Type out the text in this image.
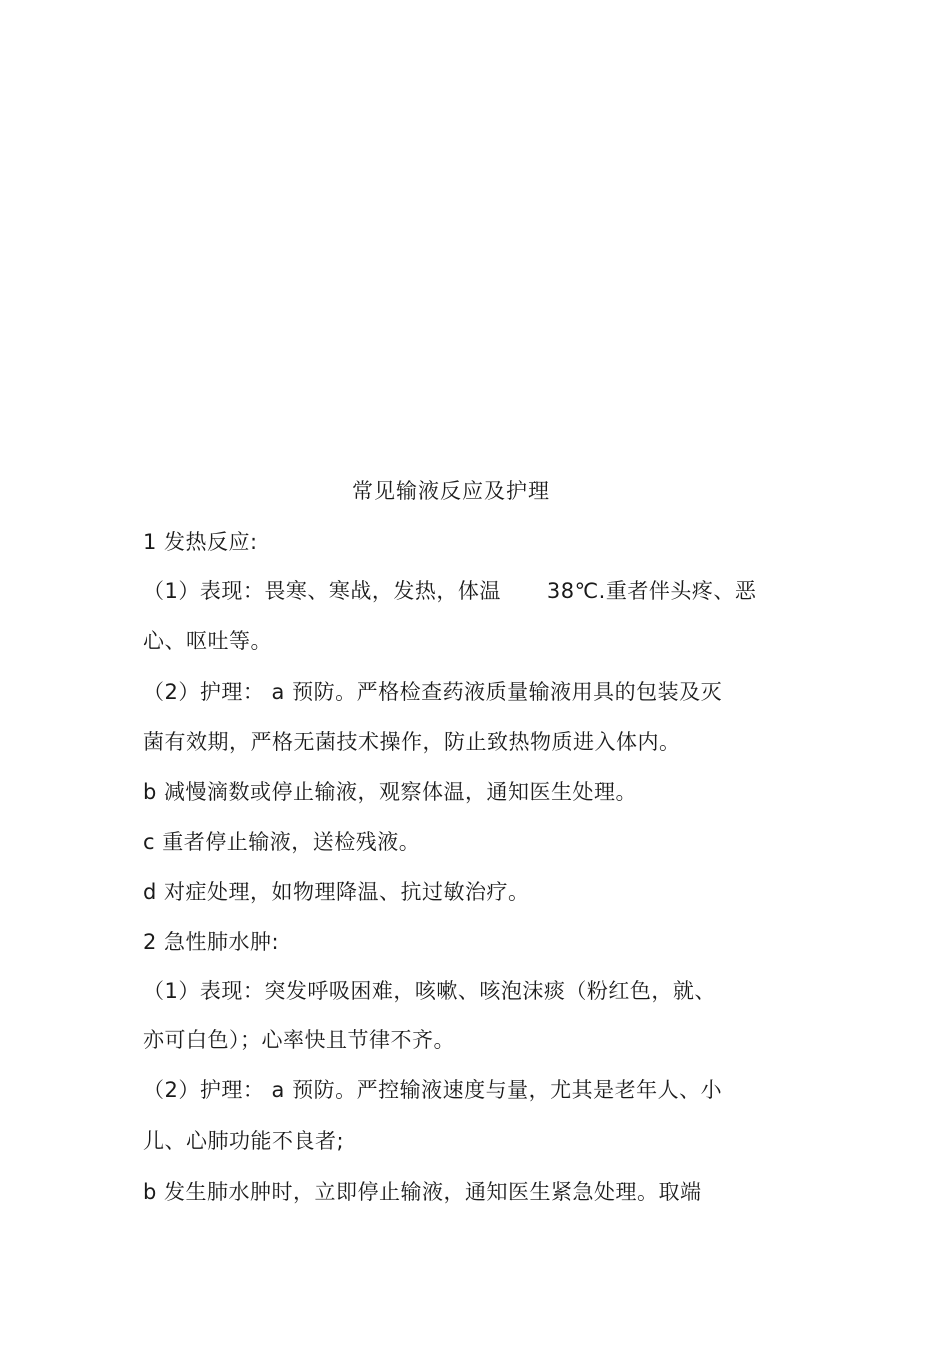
常见输液反应及护理
1 发热反应:
（1）表现：畏寒、寒战，发热，体温 38℃.重者伴头疼、恶
心、呕吐等。
（2）护理： a 预防。严格检查药液质量输液用具的包装及灭
菌有效期，严格无菌技术操作，防止致热物质进入体内。
b 减慢滴数或停止输液，观察体温，通知医生处理。
c 重者停止输液，送检残液。
d 对症处理，如物理降温、抗过敏治疗。
2 急性肺水肿:
（1）表现：突发呼吸困难，咳嗽、咳泡沫痰（粉红色，就、
亦可白色）；心率快且节律不齐。
（2）护理： a 预防。严控输液速度与量，尤其是老年人、小
儿、心肺功能不良者;
b 发生肺水肿时，立即停止输液，通知医生紧急处理。取端
